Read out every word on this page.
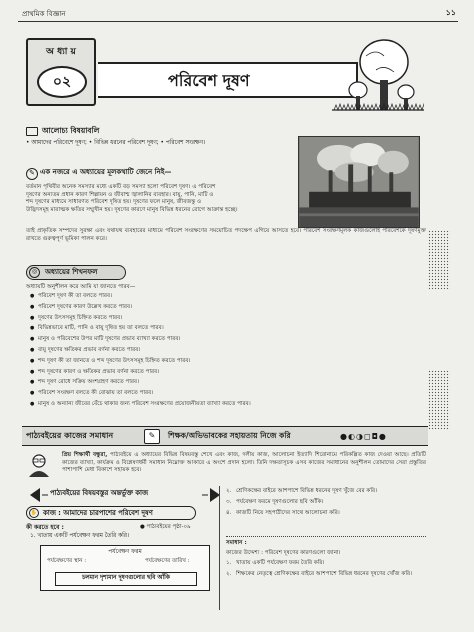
প্রাথমিক বিজ্ঞান	১১
পরিবেশ দূষণ
অ ধ্যা য়
০২
আলোচ্য বিষয়াবলি
• আমাদের পরিবেশে দূষণ; • বিভিন্ন ধরনের পরিবেশ দূষণ; • পরিবেশ সংরক্ষণ।
✎ এক নজরে এ অধ্যায়ের মূলকথাটি জেনে নিই—

বর্তমান পৃথিবীর অনেক সমস্যার মধ্যে একটি বড় সমস্যা হলো পরিবেশ দূষণ। এ পরিবেশ

দূষণের অন্যতম প্রধান কারণ শিল্পায়ন ও জীবাশ্ম জ্বালানির ব্যবহার। বায়ু, পানি, মাটি ও

শব্দ দূষণের মাধ্যমে সাধারণত পরিবেশ দূষিত হয়। দূষণের ফলে মানুষ, জীবজন্তু ও

উদ্ভিদসমূহ মারাত্মক ক্ষতির সম্মুখীন হয়। দূষণের কারণে মানুষ বিভিন্ন ধরনের রোগে আক্রান্ত হচ্ছে।

তাই প্রাকৃতিক সম্পদের সুরক্ষা এবং যথাযথ ব্যবহারের মাধ্যমে পরিবেশ সংরক্ষণের সময়োচিত পদক্ষেপ এগিয়ে আসতে হবে। পরিবেশ সংরক্ষণমূলক কাজগুলোই পরিবেশকে দূষণমুক্ত রাখতে গুরুত্বপূর্ণ ভূমিকা পালন করে।
◎	অধ্যায়ের শিখনফল
অধ্যায়টি অনুশীলন করে আমি যা জানতে পারব—
● পরিবেশ দূষণ কী তা বলতে পারব।
● পরিবেশ দূষণের কারণ উল্লেখ করতে পারব।
● দূষণের উৎসসমূহ চিহ্নিত করতে পারব।
● বিভিন্নভাবে মাটি, পানি ও বায়ু দূষিত হয় তা বলতে পারব।
● মানুষ ও পরিবেশের উপর মাটি দূষণের প্রভাব ব্যাখ্যা করতে পারব।
● বায়ু দূষণের ক্ষতিকর প্রভাব বর্ণনা করতে পারব।
● শব্দ দূষণ কী তা জানতে ও শব্দ দূষণের উৎসসমূহ চিহ্নিত করতে পারব।
● শব্দ দূষণের কারণ ও ক্ষতিকর প্রভাব বর্ণনা করতে পারব।
● শব্দ দূষণ রোধে সক্রিয় অংশগ্রহণ করতে পারব।
● পরিবেশ সংরক্ষণ বলতে কী বোঝায় তা বলতে পারব।
● মানুষ ও অন্যান্য জীবের বেঁচে থাকার জন্য পরিবেশ সংরক্ষণের প্রয়োজনীয়তা ব্যাখ্যা করতে পারব।
পাঠ্যবইয়ের কাজের সমাধান	✎	শিক্ষক/অভিভাবকের সহায়তায় নিজে করি	●◐◑◻◘●
প্রিয় শিক্ষার্থী বন্ধুরা, পাঠ্যবইয়ে এ অধ্যায়ের বিভিন্ন বিষয়বস্তু শেখে এবং কাজ, দলীয় কাজ, আলোচনা ইত্যাদি শিরোনামে পরিকল্পিত কাজ দেওয়া আছে। প্রতিটি কাজের ব্যাখ্যা, কার্যক্রম ও বিশ্লেষণধর্মী সমাধান নিম্নোক্ত আকারে এ অংশে প্রদান হলো। তিনি দক্ষতাসূচক এসব কাজের সমাধানের অনুশীলন তোমাদের সেরা প্রস্তুতির পাশাপাশি মেধা বিকাশে সহায়ক হবে।
পাঠ্যবইয়ের বিষয়বস্তুর অন্তর্ভুক্ত কাজ
✋ কাজ : আমাদের চারপাশের পরিবেশ দূষণ
কী করতে হবে :	● পাঠ্যবইয়ের পৃষ্ঠা-০৯
১. খাতায় একটি পর্যবেক্ষণ ফরম তৈরি করি।
পর্যবেক্ষণ ফরম
পর্যবেক্ষণের স্থান :	পর্যবেক্ষণের তারিখ :
চলমান দৃশ্যমান দূষণগুলোর ছবি আঁকি
২. শ্রেণিকক্ষের বাইরে আশপাশে বিভিন্ন ধরনের দূষণ খুঁজে বের করি।
৩. পর্যবেক্ষণ ফরমে দূষণগুলোর ছবি আঁকি।
৪. কাজটি নিয়ে সহপাঠীদের সাথে আলোচনা করি।
সমাধান :
কাজের উদ্দেশ্য : পরিবেশ দূষণের কারণগুলো জানা।
১. খাতায় একটি পর্যবেক্ষণ ফরম তৈরি করি।
২. শিক্ষকের নেতৃত্বে শ্রেণিকক্ষের বাইরে আশপাশে বিভিন্ন ধরনের দূষণের খোঁজ করি।
